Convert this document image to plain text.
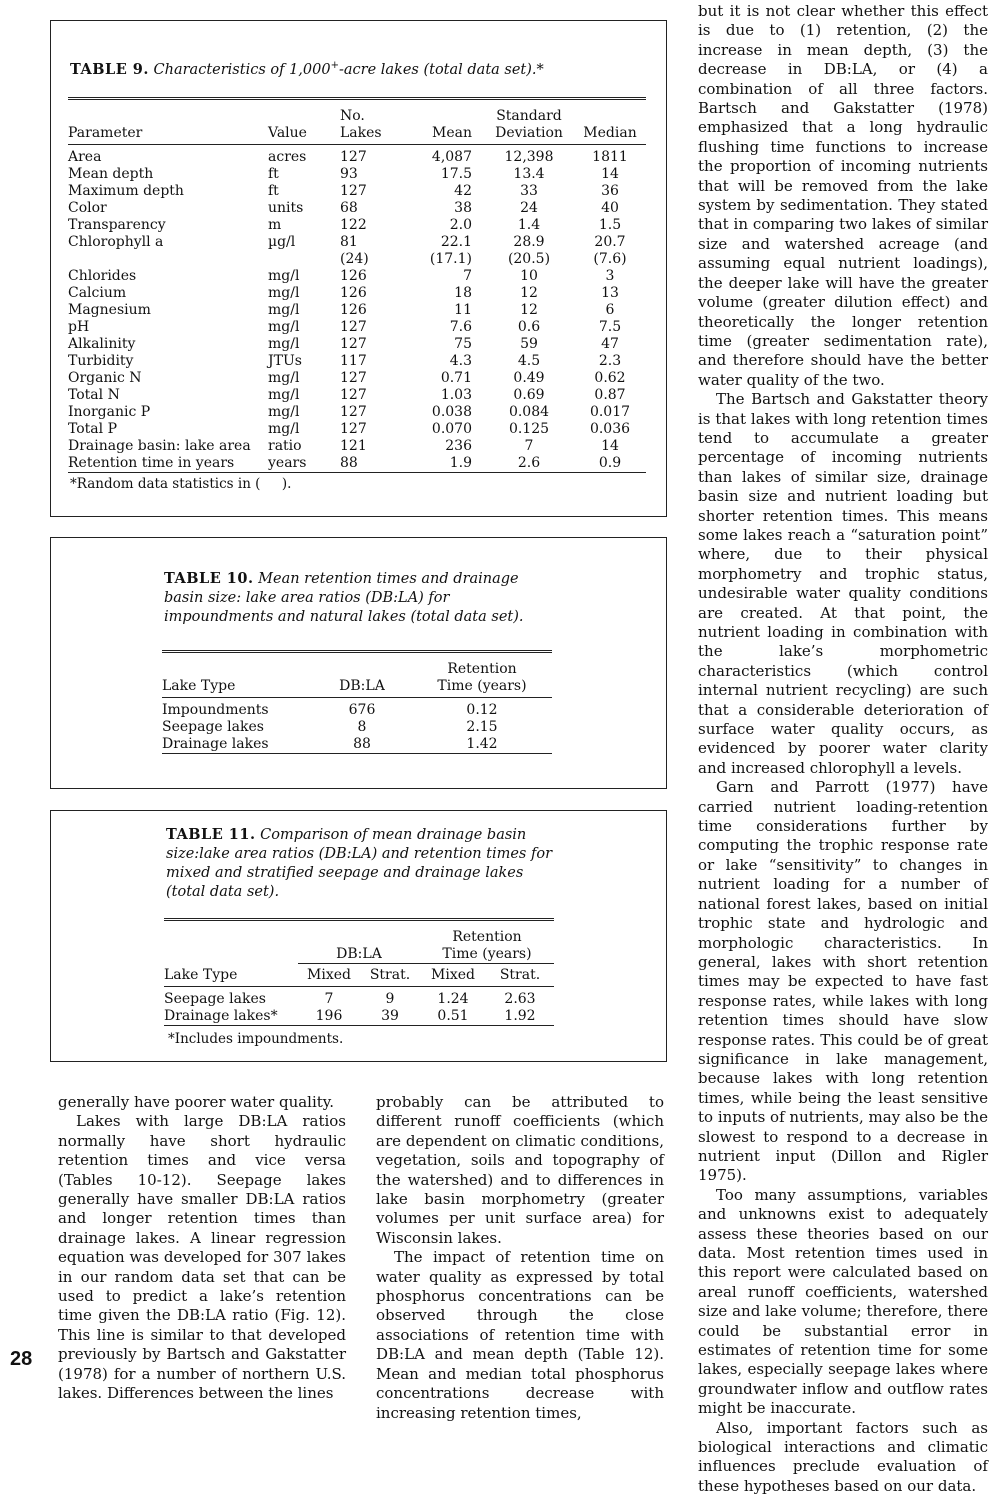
TABLE 9. Characteristics of 1,000+-acre lakes (total data set).*
		No.		Standard	
Parameter	Value	Lakes	Mean	Deviation	Median
Area	acres	127	4,087	12,398	1811
Mean depth	ft	93	17.5	13.4	14
Maximum depth	ft	127	42	33	36
Color	units	68	38	24	40
Transparency	m	122	2.0	1.4	1.5
Chlorophyll a	µg/l	81	22.1	28.9	20.7
		(24)	(17.1)	(20.5)	(7.6)
Chlorides	mg/l	126	7	10	3
Calcium	mg/l	126	18	12	13
Magnesium	mg/l	126	11	12	6
pH	mg/l	127	7.6	0.6	7.5
Alkalinity	mg/l	127	75	59	47
Turbidity	JTUs	117	4.3	4.5	2.3
Organic N	mg/l	127	0.71	0.49	0.62
Total N	mg/l	127	1.03	0.69	0.87
Inorganic P	mg/l	127	0.038	0.084	0.017
Total P	mg/l	127	0.070	0.125	0.036
Drainage basin: lake area	ratio	121	236	7	14
Retention time in years	years	88	1.9	2.6	0.9
*Random data statistics in (     ).
TABLE 10. Mean retention times and drainage basin size: lake area ratios (DB:LA) for impoundments and natural lakes (total data set).
		Retention
Lake Type	DB:LA	Time (years)
Impoundments	676	0.12
Seepage lakes	8	2.15
Drainage lakes	88	1.42
TABLE 11. Comparison of mean drainage basin size:lake area ratios (DB:LA) and retention times for mixed and stratified seepage and drainage lakes (total data set).
			Retention	
	DB:LA		Time (years)	
Lake Type	Mixed	Strat.	Mixed	Strat.
Seepage lakes	7	9	1.24	2.63
Drainage lakes*	196	39	0.51	1.92
*Includes impoundments.

generally have poorer water quality.

Lakes with large DB:LA ratios normally have short hydraulic retention times and vice versa (Tables 10-12). Seepage lakes generally have smaller DB:LA ratios and longer retention times than drainage lakes. A linear regression equation was developed for 307 lakes in our random data set that can be used to predict a lake’s retention time given the DB:LA ratio (Fig. 12). This line is similar to that developed previously by Bartsch and Gakstatter (1978) for a number of northern U.S. lakes. Differences between the lines

probably can be attributed to different runoff coefficients (which are dependent on climatic conditions, vegetation, soils and topography of the watershed) and to differences in lake basin morphometry (greater volumes per unit surface area) for Wisconsin lakes.

The impact of retention time on water quality as expressed by total phosphorus concentrations can be observed through the close associations of retention time with DB:LA and mean depth (Table 12). Mean and median total phosphorus concentrations decrease with increasing retention times,

but it is not clear whether this effect is due to (1) retention, (2) the increase in mean depth, (3) the decrease in DB:LA, or (4) a combination of all three factors. Bartsch and Gakstatter (1978) emphasized that a long hydraulic flushing time functions to increase the proportion of incoming nutrients that will be removed from the lake system by sedimentation. They stated that in comparing two lakes of similar size and watershed acreage (and assuming equal nutrient loadings), the deeper lake will have the greater volume (greater dilution effect) and theoretically the longer retention time (greater sedimentation rate), and therefore should have the better water quality of the two.

The Bartsch and Gakstatter theory is that lakes with long retention times tend to accumulate a greater percentage of incoming nutrients than lakes of similar size, drainage basin size and nutrient loading but shorter retention times. This means some lakes reach a “saturation point” where, due to their physical morphometry and trophic status, undesirable water quality conditions are created. At that point, the nutrient loading in combination with the lake’s morphometric characteristics (which control internal nutrient recycling) are such that a considerable deterioration of surface water quality occurs, as evidenced by poorer water clarity and increased chlorophyll a levels.

Garn and Parrott (1977) have carried nutrient loading-retention time considerations further by computing the trophic response rate or lake “sensitivity” to changes in nutrient loading for a number of national forest lakes, based on initial trophic state and hydrologic and morphologic characteristics. In general, lakes with short retention times may be expected to have fast response rates, while lakes with long retention times should have slow response rates. This could be of great significance in lake management, because lakes with long retention times, while being the least sensitive to inputs of nutrients, may also be the slowest to respond to a decrease in nutrient input (Dillon and Rigler 1975).

Too many assumptions, variables and unknowns exist to adequately assess these theories based on our data. Most retention times used in this report were calculated based on areal runoff coefficients, watershed size and lake volume; therefore, there could be substantial error in estimates of retention time for some lakes, especially seepage lakes where groundwater inflow and outflow rates might be inaccurate.

Also, important factors such as biological interactions and climatic influences preclude evaluation of these hypotheses based on our data.

28
